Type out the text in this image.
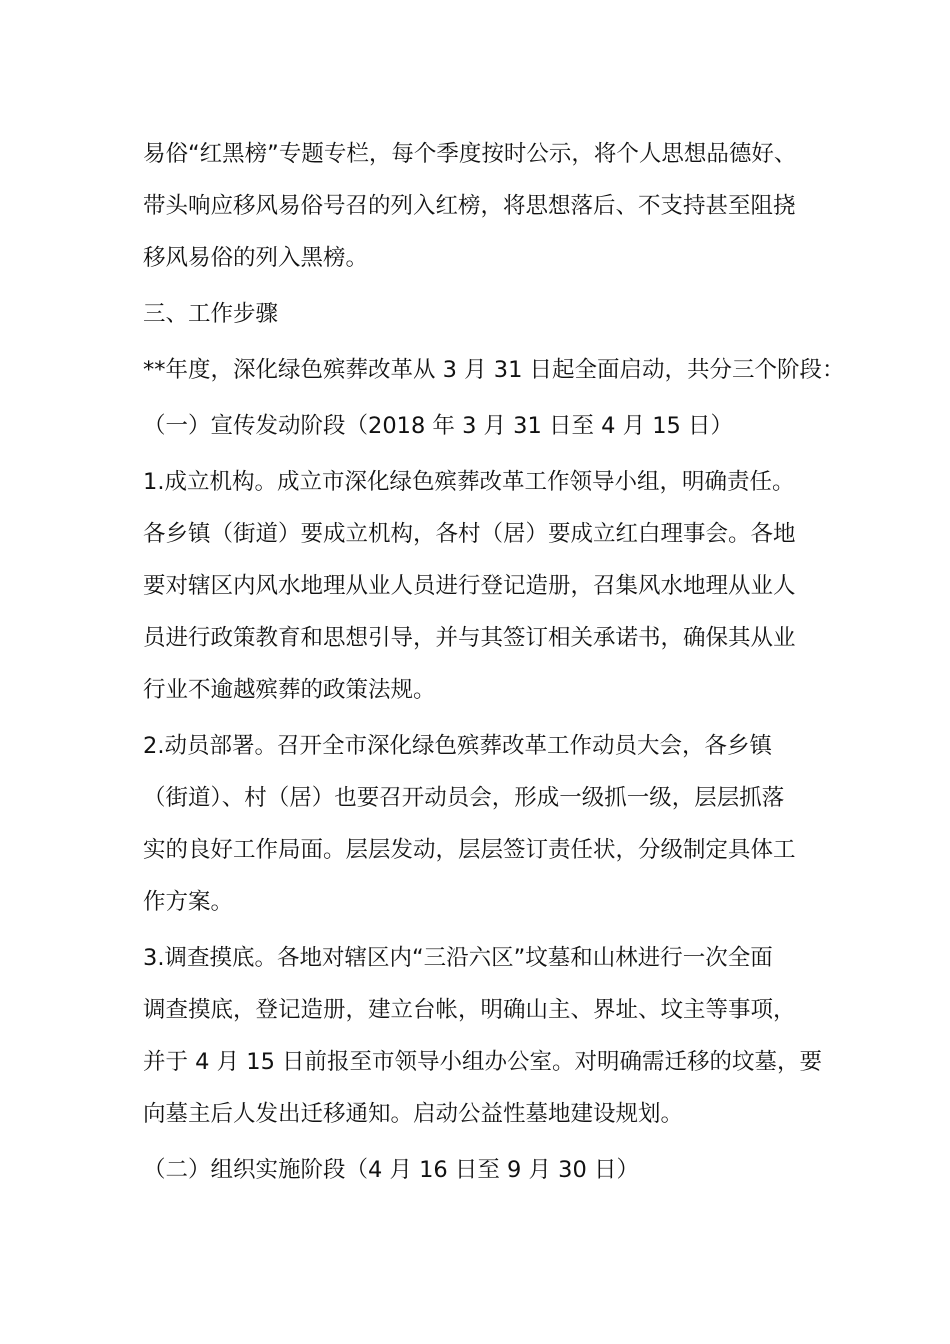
易俗“红黑榜”专题专栏，每个季度按时公示，将个人思想品德好、
带头响应移风易俗号召的列入红榜，将思想落后、不支持甚至阻挠
移风易俗的列入黑榜。
三、工作步骤
**年度，深化绿色殡葬改革从 3 月 31 日起全面启动，共分三个阶段：
（一）宣传发动阶段（2018 年 3 月 31 日至 4 月 15 日）
1.成立机构。成立市深化绿色殡葬改革工作领导小组，明确责任。
各乡镇（街道）要成立机构，各村（居）要成立红白理事会。各地
要对辖区内风水地理从业人员进行登记造册，召集风水地理从业人
员进行政策教育和思想引导，并与其签订相关承诺书，确保其从业
行业不逾越殡葬的政策法规。
2.动员部署。召开全市深化绿色殡葬改革工作动员大会，各乡镇
（街道）、村（居）也要召开动员会，形成一级抓一级，层层抓落
实的良好工作局面。层层发动，层层签订责任状，分级制定具体工
作方案。
3.调查摸底。各地对辖区内“三沿六区”坟墓和山林进行一次全面
调查摸底，登记造册，建立台帐，明确山主、界址、坟主等事项，
并于 4 月 15 日前报至市领导小组办公室。对明确需迁移的坟墓，要
向墓主后人发出迁移通知。启动公益性墓地建设规划。
（二）组织实施阶段（4 月 16 日至 9 月 30 日）
